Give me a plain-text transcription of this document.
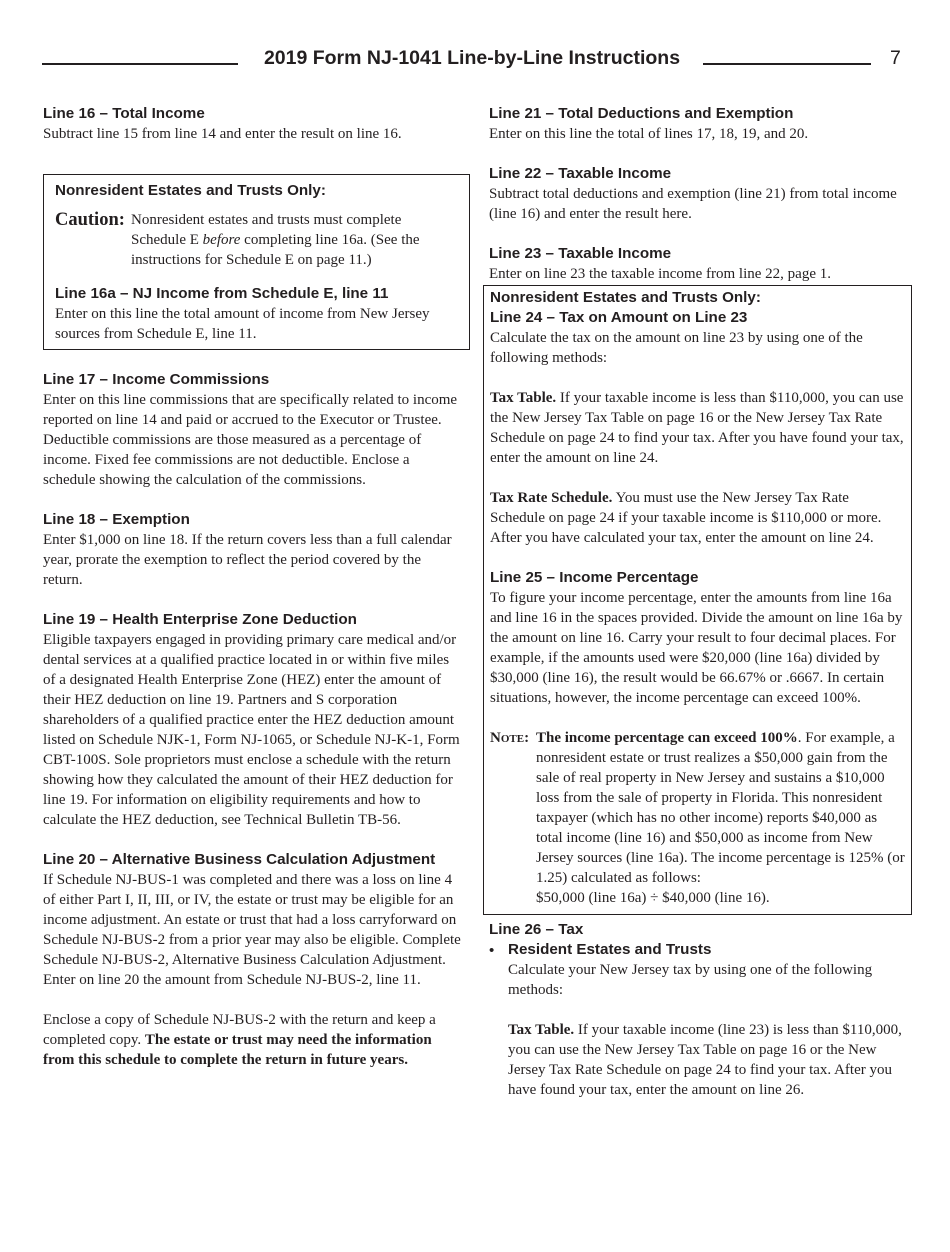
2019 Form NJ-1041 Line-by-Line Instructions	7
Line 16 – Total Income

Subtract line 15 from line 14 and enter the result on line 16.

Nonresident Estates and Trusts Only:
Caution: Nonresident estates and trusts must complete Schedule E before completing line 16a. (See the instructions for Schedule E on page 11.)

Line 16a – NJ Income from Schedule E, line 11

Enter on this line the total amount of income from New Jersey sources from Schedule E, line 11.

Line 17 – Income Commissions

Enter on this line commissions that are specifically related to income reported on line 14 and paid or accrued to the Executor or Trustee. Deductible commissions are those measured as a percentage of income. Fixed fee commissions are not deductible. Enclose a schedule showing the calculation of the commissions.

Line 18 – Exemption

Enter $1,000 on line 18. If the return covers less than a full calendar year, prorate the exemption to reflect the period covered by the return.

Line 19 – Health Enterprise Zone Deduction

Eligible taxpayers engaged in providing primary care medical and/or dental services at a qualified practice located in or within five miles of a designated Health Enterprise Zone (HEZ) enter the amount of their HEZ deduction on line 19. Partners and S corporation shareholders of a qualified practice enter the HEZ deduction amount listed on Schedule NJK-1, Form NJ-1065, or Schedule NJ-K-1, Form CBT-100S. Sole proprietors must enclose a schedule with the return showing how they calculated the amount of their HEZ deduction for line 19. For information on eligibility requirements and how to calculate the HEZ deduction, see Technical Bulletin TB-56.

Line 20 – Alternative Business Calculation Adjustment

If Schedule NJ-BUS-1 was completed and there was a loss on line 4 of either Part I, II, III, or IV, the estate or trust may be eligible for an income adjustment. An estate or trust that had a loss carryforward on Schedule NJ-BUS-2 from a prior year may also be eligible. Complete Schedule NJ-BUS-2, Alternative Business Calculation Adjustment. Enter on line 20 the amount from Schedule NJ-BUS-2, line 11.

Enclose a copy of Schedule NJ-BUS-2 with the return and keep a completed copy. The estate or trust may need the information from this schedule to complete the return in future years.

Line 21 – Total Deductions and Exemption

Enter on this line the total of lines 17, 18, 19, and 20.

Line 22 – Taxable Income

Subtract total deductions and exemption (line 21) from total income (line 16) and enter the result here.

Line 23 – Taxable Income

Enter on line 23 the taxable income from line 22, page 1.

Nonresident Estates and Trusts Only:
Line 24 – Tax on Amount on Line 23

Calculate the tax on the amount on line 23 by using one of the following methods:

Tax Table. If your taxable income is less than $110,000, you can use the New Jersey Tax Table on page 16 or the New Jersey Tax Rate Schedule on page 24 to find your tax. After you have found your tax, enter the amount on line 24.

Tax Rate Schedule. You must use the New Jersey Tax Rate Schedule on page 24 if your taxable income is $110,000 or more. After you have calculated your tax, enter the amount on line 24.

Line 25 – Income Percentage

To figure your income percentage, enter the amounts from line 16a and line 16 in the spaces provided. Divide the amount on line 16a by the amount on line 16. Carry your result to four decimal places. For example, if the amounts used were $20,000 (line 16a) divided by $30,000 (line 16), the result would be 66.67% or .6667. In certain situations, however, the income percentage can exceed 100%.

Note: The income percentage can exceed 100%. For example, a nonresident estate or trust realizes a $50,000 gain from the sale of real property in New Jersey and sustains a $10,000 loss from the sale of property in Florida. This nonresident taxpayer (which has no other income) reports $40,000 as total income (line 16) and $50,000 as income from New Jersey sources (line 16a). The income percentage is 125% (or 1.25) calculated as follows:
$50,000 (line 16a) ÷ $40,000 (line 16).

Line 26 – Tax
• Resident Estates and Trusts

Calculate your New Jersey tax by using one of the following methods:

Tax Table. If your taxable income (line 23) is less than $110,000, you can use the New Jersey Tax Table on page 16 or the New Jersey Tax Rate Schedule on page 24 to find your tax. After you have found your tax, enter the amount on line 26.
